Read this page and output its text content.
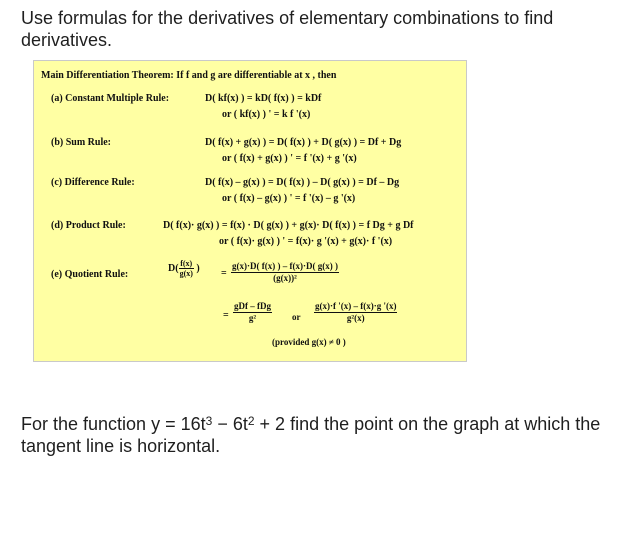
Use formulas for the derivatives of elementary combinations to find derivatives.
Main Differentiation Theorem: If f and g are differentiable at x , then
(a) Constant Multiple Rule:	D( kf(x) ) = kD( f(x) ) = kDf
or ( kf(x) ) ' = k f '(x)
(b) Sum Rule:	D( f(x) + g(x) ) = D( f(x) ) + D( g(x) ) = Df + Dg
or ( f(x) + g(x) ) ' = f '(x) + g '(x)
(c) Difference Rule:	D( f(x) – g(x) ) = D( f(x) ) – D( g(x) ) = Df – Dg
or ( f(x) – g(x) ) ' = f '(x) – g '(x)
(d) Product Rule:	D( f(x)· g(x) ) = f(x) · D( g(x) ) + g(x)· D( f(x) ) = f Dg + g Df
or ( f(x)· g(x) ) ' = f(x)· g '(x) + g(x)· f '(x)
(e) Quotient Rule:
$D( \frac{f(x)}{g(x)}$ ) = $\frac{g(x)\cdot D( f(x) ) - f(x)\cdot D( g(x) )}{\text{(g(x))²}}$
= $\frac{\text{gDf – fDg}}{\text{g²}}$ or $\frac{g(x)\cdot f '(x) - f(x)\cdot g '(x)}{\text{g²(x)}}$
(provided g(x) ≠ 0 )
For the function $y = 16t^3 - 6t^2 + 2$ find the point on the graph at which the tangent line is horizontal.
